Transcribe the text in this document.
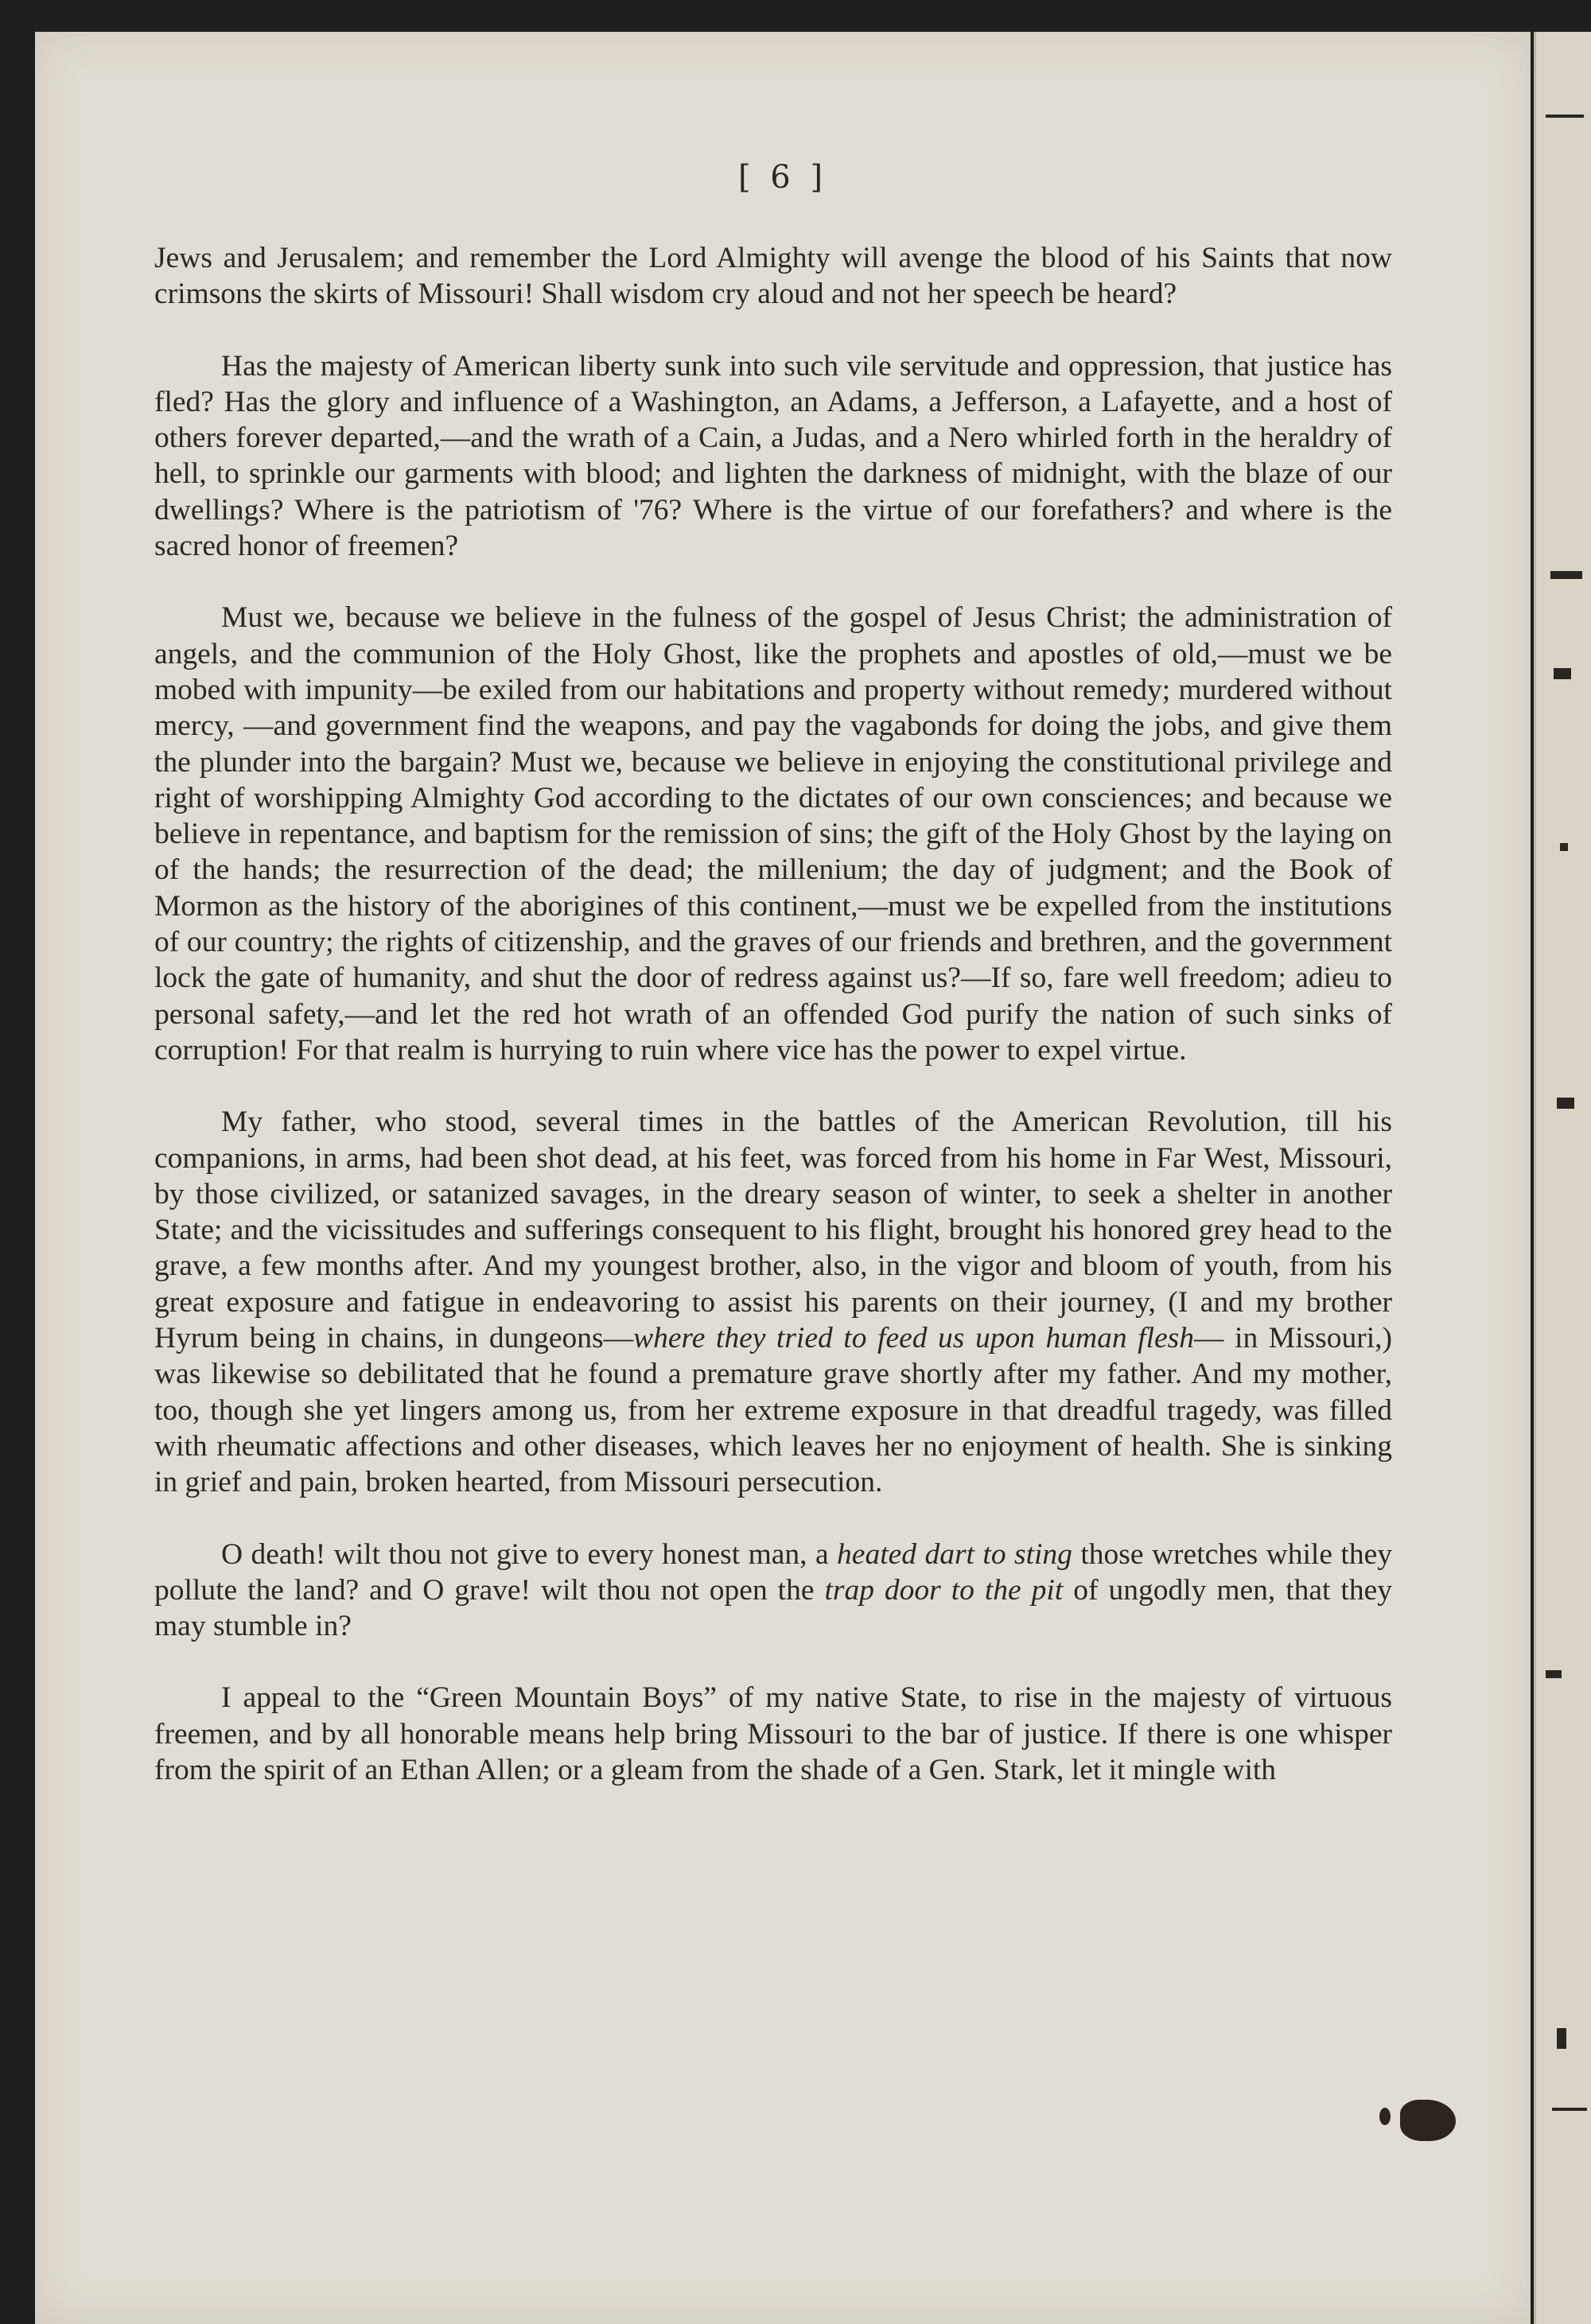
[ 6 ]

Jews and Jerusalem; and remember the Lord Almighty will avenge the blood of his Saints that now crimsons the skirts of Missouri! Shall wisdom cry aloud and not her speech be heard?

Has the majesty of American liberty sunk into such vile servitude and oppression, that justice has fled? Has the glory and influence of a Washington, an Adams, a Jefferson, a Lafayette, and a host of others forever departed,—and the wrath of a Cain, a Judas, and a Nero whirled forth in the heraldry of hell, to sprinkle our garments with blood; and lighten the darkness of midnight, with the blaze of our dwellings? Where is the patriotism of '76? Where is the virtue of our forefathers? and where is the sacred honor of freemen?

Must we, because we believe in the fulness of the gospel of Jesus Christ; the administration of angels, and the communion of the Holy Ghost, like the prophets and apostles of old,—must we be mobed with impunity—be exiled from our habitations and property without remedy; murdered without mercy, —and government find the weapons, and pay the vagabonds for doing the jobs, and give them the plunder into the bargain? Must we, because we believe in enjoying the constitutional privilege and right of worshipping Almighty God according to the dictates of our own consciences; and because we believe in repentance, and baptism for the remission of sins; the gift of the Holy Ghost by the laying on of the hands; the resurrection of the dead; the millenium; the day of judgment; and the Book of Mormon as the history of the aborigines of this continent,—must we be expelled from the institutions of our country; the rights of citizenship, and the graves of our friends and brethren, and the government lock the gate of humanity, and shut the door of redress against us?—If so, fare well freedom; adieu to personal safety,—and let the red hot wrath of an offended God purify the nation of such sinks of corruption! For that realm is hurrying to ruin where vice has the power to expel virtue.

My father, who stood, several times in the battles of the American Revolution, till his companions, in arms, had been shot dead, at his feet, was forced from his home in Far West, Missouri, by those civilized, or satanized savages, in the dreary season of winter, to seek a shelter in another State; and the vicissitudes and sufferings consequent to his flight, brought his honored grey head to the grave, a few months after. And my youngest brother, also, in the vigor and bloom of youth, from his great exposure and fatigue in endeavoring to assist his parents on their journey, (I and my brother Hyrum being in chains, in dungeons—where they tried to feed us upon human flesh— in Missouri,) was likewise so debilitated that he found a premature grave shortly after my father. And my mother, too, though she yet lingers among us, from her extreme exposure in that dreadful tragedy, was filled with rheumatic affections and other diseases, which leaves her no enjoyment of health. She is sinking in grief and pain, broken hearted, from Missouri persecution.

O death! wilt thou not give to every honest man, a heated dart to sting those wretches while they pollute the land? and O grave! wilt thou not open the trap door to the pit of ungodly men, that they may stumble in?

I appeal to the “Green Mountain Boys” of my native State, to rise in the majesty of virtuous freemen, and by all honorable means help bring Missouri to the bar of justice. If there is one whisper from the spirit of an Ethan Allen; or a gleam from the shade of a Gen. Stark, let it mingle with
